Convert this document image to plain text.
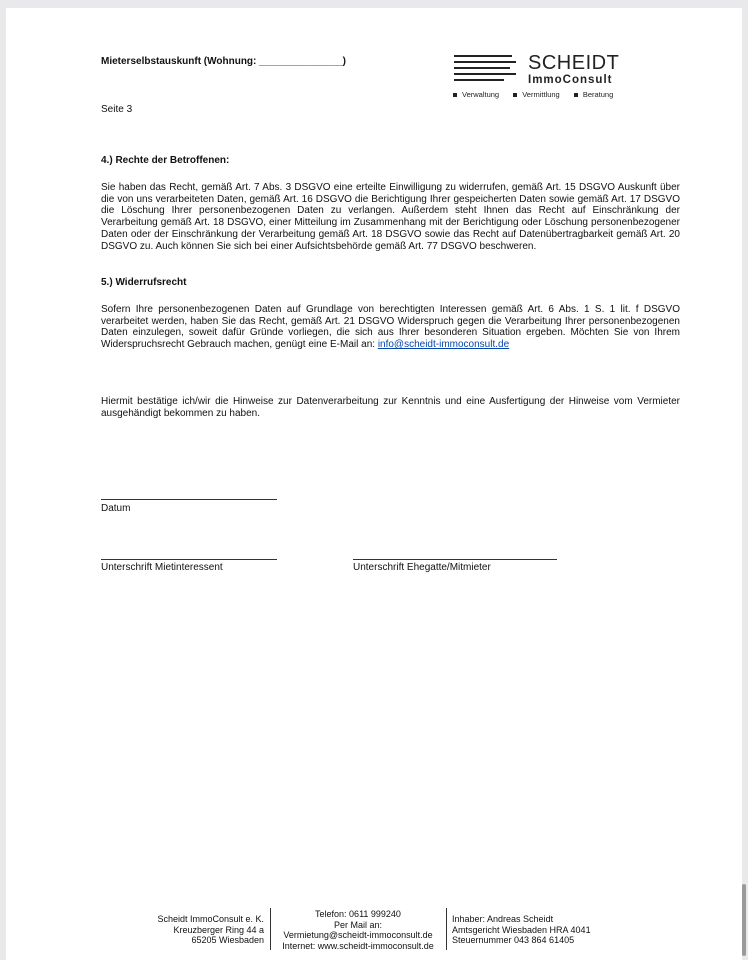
Mieterselbstauskunft (Wohnung: _______________)
Seite 3
SCHEIDT
ImmoConsult
Verwaltung	Vermittlung	Beratung
4.) Rechte der Betroffenen:
Sie haben das Recht, gemäß Art. 7 Abs. 3 DSGVO eine erteilte Einwilligung zu widerrufen, gemäß Art. 15 DSGVO Auskunft über die von uns verarbeiteten Daten, gemäß Art. 16 DSGVO die Berichtigung Ihrer gespeicherten Daten sowie gemäß Art. 17 DSGVO die Löschung Ihrer personenbezogenen Daten zu verlangen. Außerdem steht Ihnen das Recht auf Einschränkung der Verarbeitung gemäß Art. 18 DSGVO, einer Mitteilung im Zusammenhang mit der Berichtigung oder Löschung personenbezogener Daten oder der Einschränkung der Verarbeitung gemäß Art. 18 DSGVO sowie das Recht auf Datenübertragbarkeit gemäß Art. 20 DSGVO zu. Auch können Sie sich bei einer Aufsichtsbehörde gemäß Art. 77 DSGVO beschweren.
5.) Widerrufsrecht
Sofern Ihre personenbezogenen Daten auf Grundlage von berechtigten Interessen gemäß Art. 6 Abs. 1 S. 1 lit. f DSGVO verarbeitet werden, haben Sie das Recht, gemäß Art. 21 DSGVO Widerspruch gegen die Verarbeitung Ihrer personenbezogenen Daten einzulegen, soweit dafür Gründe vorliegen, die sich aus Ihrer besonderen Situation ergeben. Möchten Sie von Ihrem Widerspruchsrecht Gebrauch machen, genügt eine E-Mail an: info@scheidt-immoconsult.de
Hiermit bestätige ich/wir die Hinweise zur Datenverarbeitung zur Kenntnis und eine Ausfertigung der Hinweise vom Vermieter ausgehändigt bekommen zu haben.
Datum
Unterschrift Mietinteressent	Unterschrift Ehegatte/Mitmieter
Scheidt ImmoConsult e. K.
Kreuzberger Ring 44 a
65205 Wiesbaden
Telefon: 0611 999240
Per Mail an:
Vermietung@scheidt-immoconsult.de
Internet: www.scheidt-immoconsult.de
Inhaber: Andreas Scheidt
Amtsgericht Wiesbaden HRA 4041
Steuernummer 043 864 61405
